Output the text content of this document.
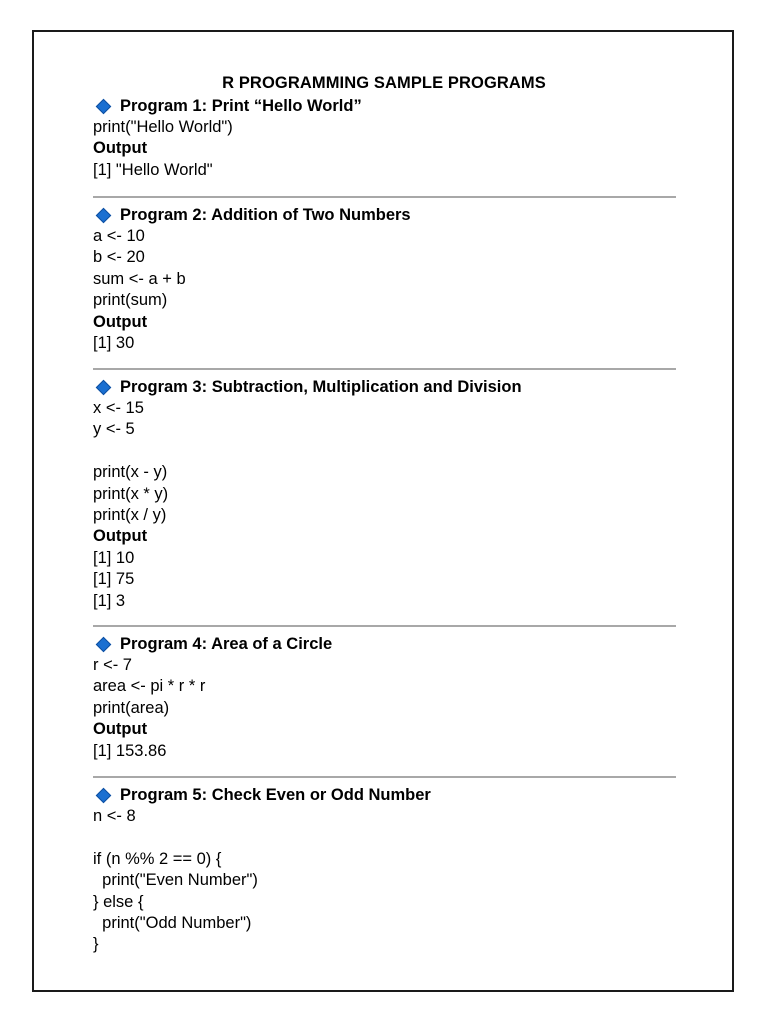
R PROGRAMMING SAMPLE PROGRAMS
Program 1: Print “Hello World”
print("Hello World")
Output
[1] "Hello World"
Program 2: Addition of Two Numbers
a <- 10
b <- 20
sum <- a + b
print(sum)
Output
[1] 30
Program 3: Subtraction, Multiplication and Division
x <- 15
y <- 5
print(x - y)
print(x * y)
print(x / y)
Output
[1] 10
[1] 75
[1] 3
Program 4: Area of a Circle
r <- 7
area <- pi * r * r
print(area)
Output
[1] 153.86
Program 5: Check Even or Odd Number
n <- 8
if (n %% 2 == 0) {
print("Even Number")
} else {
print("Odd Number")
}
